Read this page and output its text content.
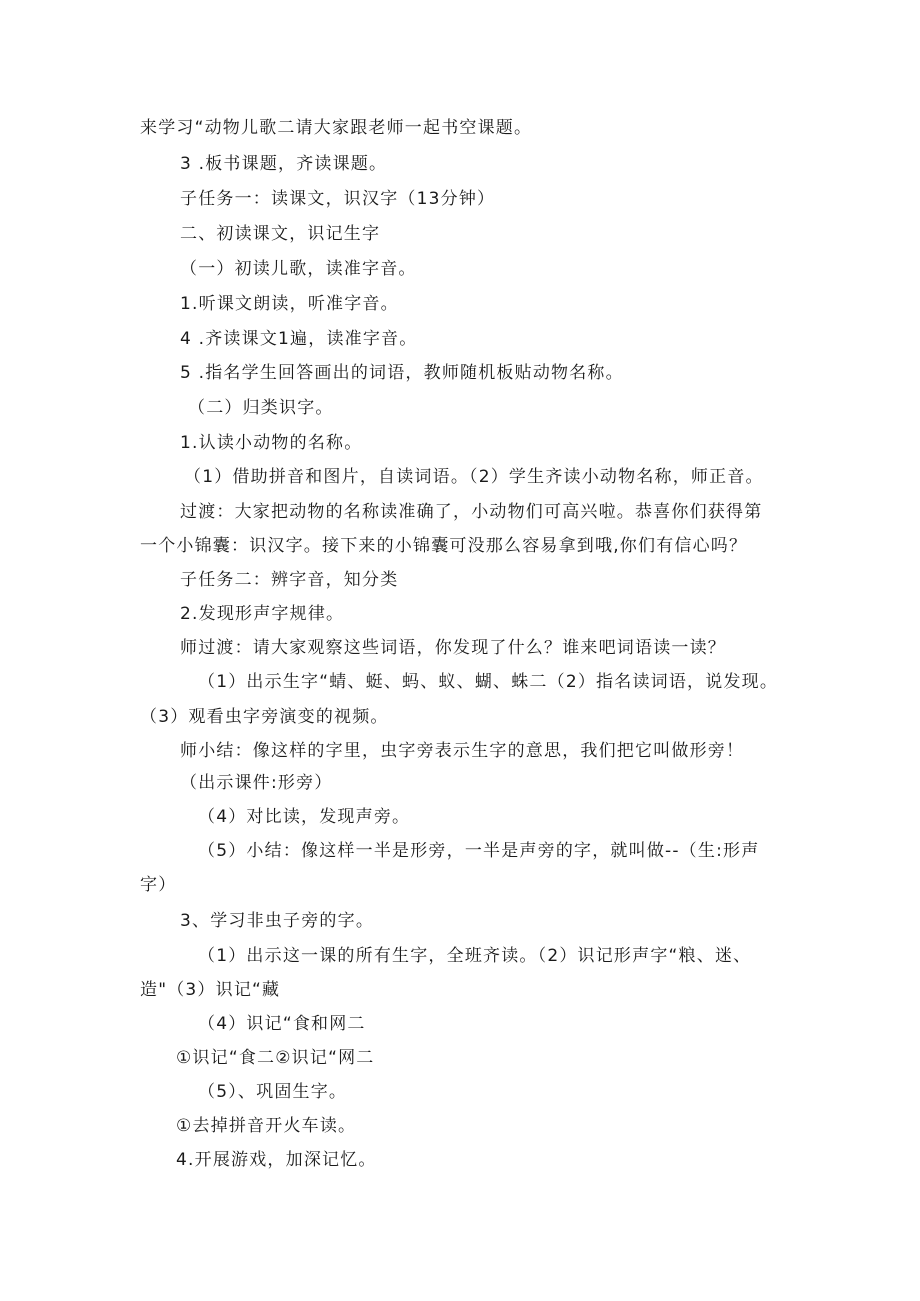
来学习“动物儿歌二请大家跟老师一起书空课题。
3 .板书课题，齐读课题。
子任务一：读课文，识汉字（13分钟）
二、初读课文，识记生字
（一）初读儿歌，读准字音。
1.听课文朗读，听准字音。
4 .齐读课文1遍，读准字音。
5 .指名学生回答画出的词语，教师随机板贴动物名称。
（二）归类识字。
1.认读小动物的名称。
（1）借助拼音和图片，自读词语。（2）学生齐读小动物名称，师正音。
过渡：大家把动物的名称读准确了，小动物们可高兴啦。恭喜你们获得第
一个小锦囊：识汉字。接下来的小锦囊可没那么容易拿到哦,你们有信心吗？
子任务二：辨字音，知分类
2.发现形声字规律。
师过渡：请大家观察这些词语，你发现了什么？谁来吧词语读一读？
（1）出示生字“蜻、蜓、蚂、蚁、蝴、蛛二（2）指名读词语，说发现。
（3）观看虫字旁演变的视频。
师小结：像这样的字里，虫字旁表示生字的意思，我们把它叫做形旁！
（出示课件:形旁）
（4）对比读，发现声旁。
（5）小结：像这样一半是形旁，一半是声旁的字，就叫做--（生:形声
字）
3、学习非虫子旁的字。
（1）出示这一课的所有生字，全班齐读。（2）识记形声字“粮、迷、
造"（3）识记“藏
（4）识记“食和网二
①识记“食二②识记“网二
（5）、巩固生字。
①去掉拼音开火车读。
4.开展游戏，加深记忆。
